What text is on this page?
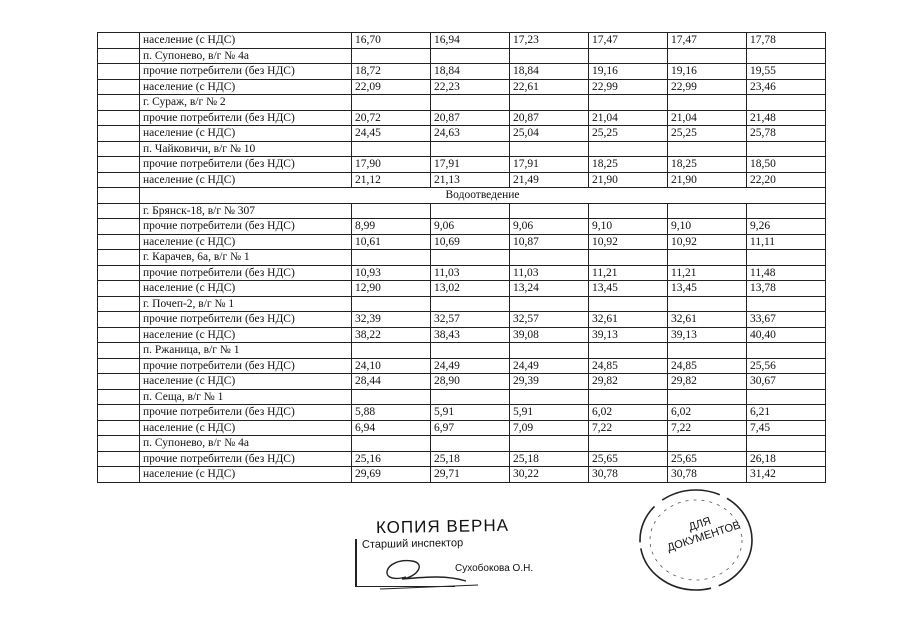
	население (с НДС)	16,70	16,94	17,23	17,47	17,47	17,78
	п. Супонево, в/г № 4а						
	прочие потребители (без НДС)	18,72	18,84	18,84	19,16	19,16	19,55
	население (с НДС)	22,09	22,23	22,61	22,99	22,99	23,46
	г. Сураж, в/г № 2						
	прочие потребители (без НДС)	20,72	20,87	20,87	21,04	21,04	21,48
	население (с НДС)	24,45	24,63	25,04	25,25	25,25	25,78
	п. Чайковичи, в/г № 10						
	прочие потребители (без НДС)	17,90	17,91	17,91	18,25	18,25	18,50
	население (с НДС)	21,12	21,13	21,49	21,90	21,90	22,20
	Водоотведение						
	г. Брянск-18, в/г № 307						
	прочие потребители (без НДС)	8,99	9,06	9,06	9,10	9,10	9,26
	население (с НДС)	10,61	10,69	10,87	10,92	10,92	11,11
	г. Карачев, 6а, в/г № 1						
	прочие потребители (без НДС)	10,93	11,03	11,03	11,21	11,21	11,48
	население (с НДС)	12,90	13,02	13,24	13,45	13,45	13,78
	г. Почеп-2, в/г № 1						
	прочие потребители (без НДС)	32,39	32,57	32,57	32,61	32,61	33,67
	население (с НДС)	38,22	38,43	39,08	39,13	39,13	40,40
	п. Ржаница, в/г № 1						
	прочие потребители (без НДС)	24,10	24,49	24,49	24,85	24,85	25,56
	население (с НДС)	28,44	28,90	29,39	29,82	29,82	30,67
	п. Сеща, в/г № 1						
	прочие потребители (без НДС)	5,88	5,91	5,91	6,02	6,02	6,21
	население (с НДС)	6,94	6,97	7,09	7,22	7,22	7,45
	п. Супонево, в/г № 4а						
	прочие потребители (без НДС)	25,16	25,18	25,18	25,65	25,65	26,18
	население (с НДС)	29,69	29,71	30,22	30,78	30,78	31,42
КОПИЯ ВЕРНА
Старший инспектор
Сухобокова О.Н.
ДЛЯ ДОКУМЕНТОВ
